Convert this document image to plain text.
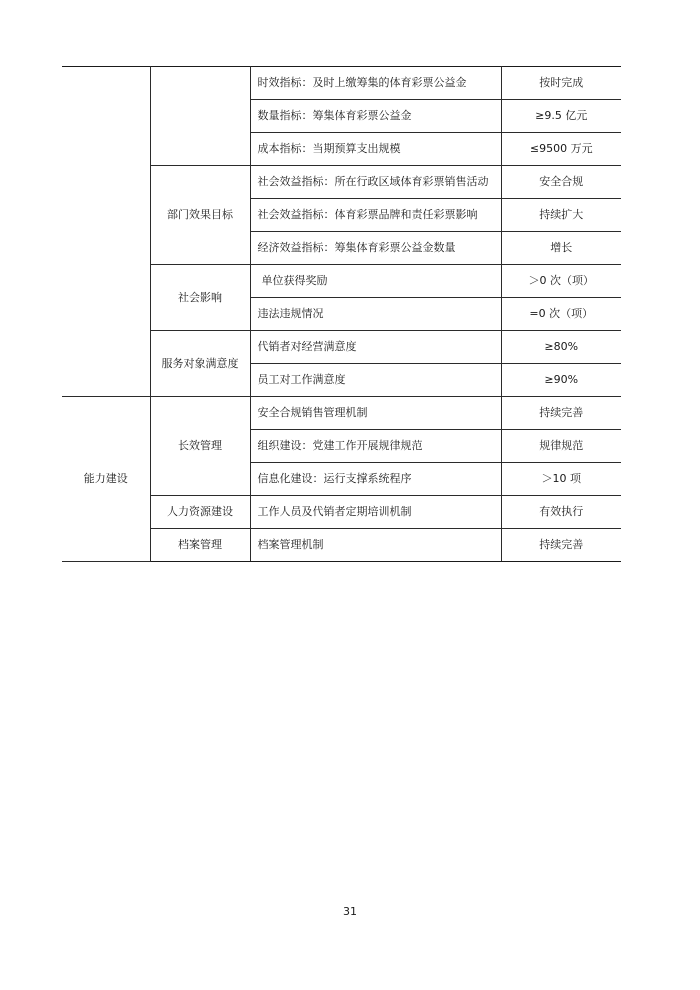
		时效指标：及时上缴筹集的体育彩票公益金	按时完成
		数量指标：筹集体育彩票公益金	≥9.5 亿元
		成本指标：当期预算支出规模	≤9500 万元
	部门效果目标	社会效益指标：所在行政区域体育彩票销售活动	安全合规
		社会效益指标：体育彩票品牌和责任彩票影响	持续扩大
		经济效益指标：筹集体育彩票公益金数量	增长
	社会影响	单位获得奖励	＞0 次（项）
		违法违规情况	=0 次（项）
	服务对象满意度	代销者对经营满意度	≥80%
		员工对工作满意度	≥90%
能力建设	长效管理	安全合规销售管理机制	持续完善
		组织建设：党建工作开展规律规范	规律规范
		信息化建设：运行支撑系统程序	＞10 项
	人力资源建设	工作人员及代销者定期培训机制	有效执行
	档案管理	档案管理机制	持续完善
31
